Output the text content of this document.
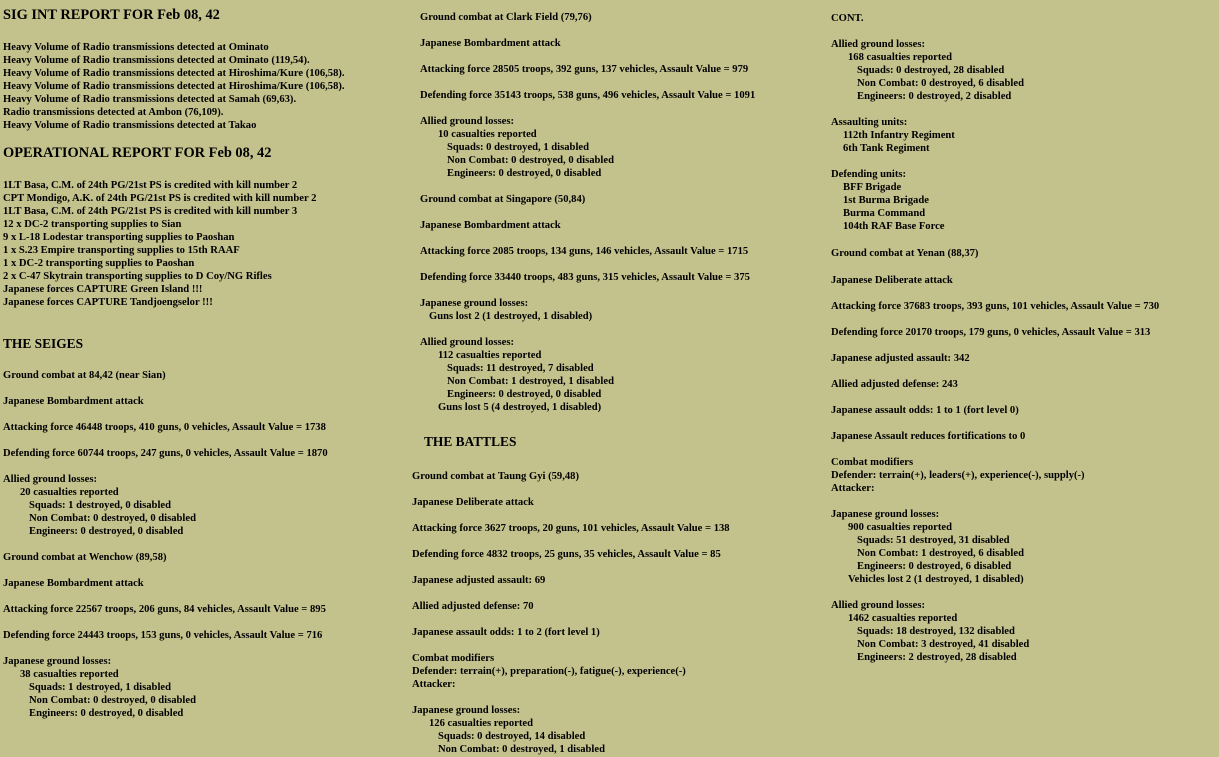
SIG INT REPORT FOR Feb 08, 42
Heavy Volume of Radio transmissions detected at Ominato
Heavy Volume of Radio transmissions detected at Ominato (119,54).
Heavy Volume of Radio transmissions detected at Hiroshima/Kure (106,58).
Heavy Volume of Radio transmissions detected at Hiroshima/Kure (106,58).
Heavy Volume of Radio transmissions detected at Samah (69,63).
Radio transmissions detected at Ambon (76,109).
Heavy Volume of Radio transmissions detected at Takao
OPERATIONAL REPORT FOR Feb 08, 42
1LT Basa, C.M. of 24th PG/21st PS is credited with kill number 2
CPT Mondigo, A.K. of 24th PG/21st PS is credited with kill number 2
1LT Basa, C.M. of 24th PG/21st PS is credited with kill number 3
12 x DC-2 transporting supplies to Sian
9 x L-18 Lodestar transporting supplies to Paoshan
1 x S.23 Empire transporting supplies to 15th RAAF
1 x DC-2 transporting supplies to Paoshan
2 x C-47 Skytrain transporting supplies to D Coy/NG Rifles
Japanese forces CAPTURE Green Island !!!
Japanese forces CAPTURE Tandjoengselor !!!
THE SEIGES
Ground combat at 84,42 (near Sian)
Japanese Bombardment attack
Attacking force 46448 troops, 410 guns, 0 vehicles, Assault Value = 1738
Defending force 60744 troops, 247 guns, 0 vehicles, Assault Value = 1870
Allied ground losses:
20 casualties reported
Squads: 1 destroyed, 0 disabled
Non Combat: 0 destroyed, 0 disabled
Engineers: 0 destroyed, 0 disabled
Ground combat at Wenchow (89,58)
Japanese Bombardment attack
Attacking force 22567 troops, 206 guns, 84 vehicles, Assault Value = 895
Defending force 24443 troops, 153 guns, 0 vehicles, Assault Value = 716
Japanese ground losses:
38 casualties reported
Squads: 1 destroyed, 1 disabled
Non Combat: 0 destroyed, 0 disabled
Engineers: 0 destroyed, 0 disabled
Ground combat at Clark Field (79,76)
Japanese Bombardment attack
Attacking force 28505 troops, 392 guns, 137 vehicles, Assault Value = 979
Defending force 35143 troops, 538 guns, 496 vehicles, Assault Value = 1091
Allied ground losses:
10 casualties reported
Squads: 0 destroyed, 1 disabled
Non Combat: 0 destroyed, 0 disabled
Engineers: 0 destroyed, 0 disabled
Ground combat at Singapore (50,84)
Japanese Bombardment attack
Attacking force 2085 troops, 134 guns, 146 vehicles, Assault Value = 1715
Defending force 33440 troops, 483 guns, 315 vehicles, Assault Value = 375
Japanese ground losses:
Guns lost 2 (1 destroyed, 1 disabled)
Allied ground losses:
112 casualties reported
Squads: 11 destroyed, 7 disabled
Non Combat: 1 destroyed, 1 disabled
Engineers: 0 destroyed, 0 disabled
Guns lost 5 (4 destroyed, 1 disabled)
THE BATTLES
Ground combat at Taung Gyi (59,48)
Japanese Deliberate attack
Attacking force 3627 troops, 20 guns, 101 vehicles, Assault Value = 138
Defending force 4832 troops, 25 guns, 35 vehicles, Assault Value = 85
Japanese adjusted assault: 69
Allied adjusted defense: 70
Japanese assault odds: 1 to 2 (fort level 1)
Combat modifiers
Defender: terrain(+), preparation(-), fatigue(-), experience(-)
Attacker:
Japanese ground losses:
126 casualties reported
Squads: 0 destroyed, 14 disabled
Non Combat: 0 destroyed, 1 disabled
CONT.
Allied ground losses:
168 casualties reported
Squads: 0 destroyed, 28 disabled
Non Combat: 0 destroyed, 6 disabled
Engineers: 0 destroyed, 2 disabled
Assaulting units:
112th Infantry Regiment
6th Tank Regiment
Defending units:
BFF Brigade
1st Burma Brigade
Burma Command
104th RAF Base Force
Ground combat at Yenan (88,37)
Japanese Deliberate attack
Attacking force 37683 troops, 393 guns, 101 vehicles, Assault Value = 730
Defending force 20170 troops, 179 guns, 0 vehicles, Assault Value = 313
Japanese adjusted assault: 342
Allied adjusted defense: 243
Japanese assault odds: 1 to 1 (fort level 0)
Japanese Assault reduces fortifications to 0
Combat modifiers
Defender: terrain(+), leaders(+), experience(-), supply(-)
Attacker:
Japanese ground losses:
900 casualties reported
Squads: 51 destroyed, 31 disabled
Non Combat: 1 destroyed, 6 disabled
Engineers: 0 destroyed, 6 disabled
Vehicles lost 2 (1 destroyed, 1 disabled)
Allied ground losses:
1462 casualties reported
Squads: 18 destroyed, 132 disabled
Non Combat: 3 destroyed, 41 disabled
Engineers: 2 destroyed, 28 disabled
